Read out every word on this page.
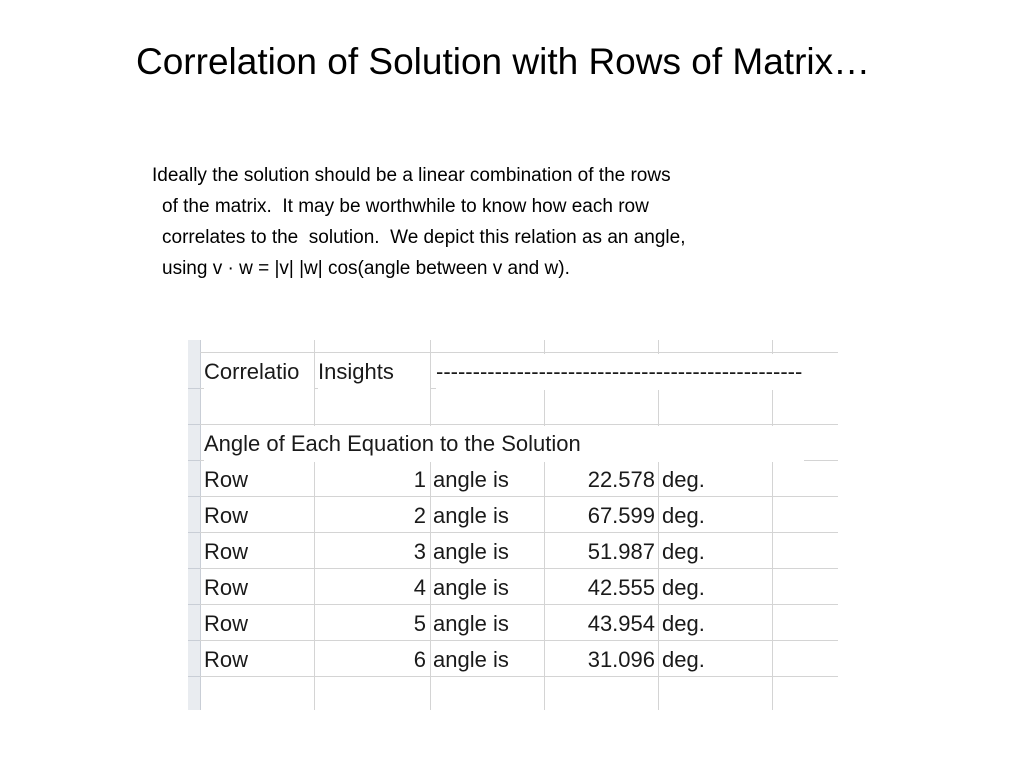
Correlation of Solution with Rows of Matrix…
Ideally the solution should be a linear combination of the rows
of the matrix.  It may be worthwhile to know how each row
correlates to the  solution.  We depict this relation as an angle,
using v · w = |v| |w| cos(angle between v and w).
Correlatio Insights	--------------------------------------------------
Angle of Each Equation to the Solution
Row	1 angle is	22.578 deg.
Row	2 angle is	67.599 deg.
Row	3 angle is	51.987 deg.
Row	4 angle is	42.555 deg.
Row	5 angle is	43.954 deg.
Row	6 angle is	31.096 deg.
